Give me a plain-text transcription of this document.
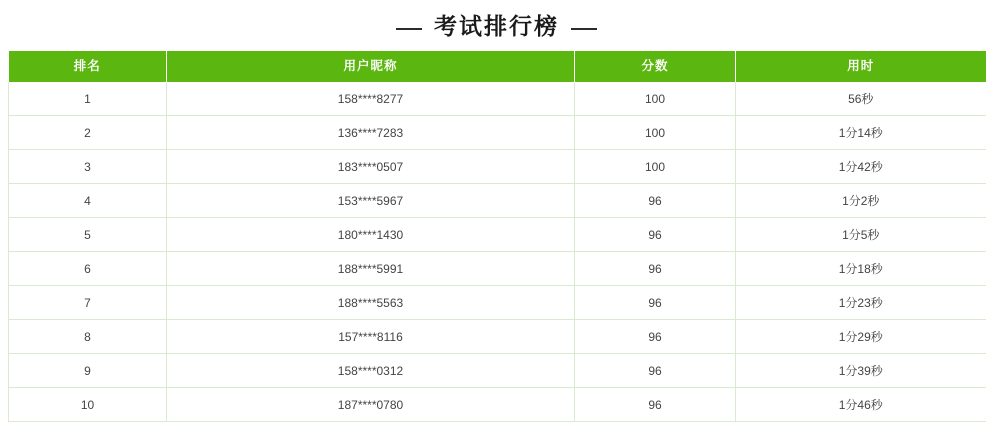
考试排行榜
排名	用户昵称	分数	用时
1	158****8277	100	56秒
2	136****7283	100	1分14秒
3	183****0507	100	1分42秒
4	153****5967	96	1分2秒
5	180****1430	96	1分5秒
6	188****5991	96	1分18秒
7	188****5563	96	1分23秒
8	157****8116	96	1分29秒
9	158****0312	96	1分39秒
10	187****0780	96	1分46秒
